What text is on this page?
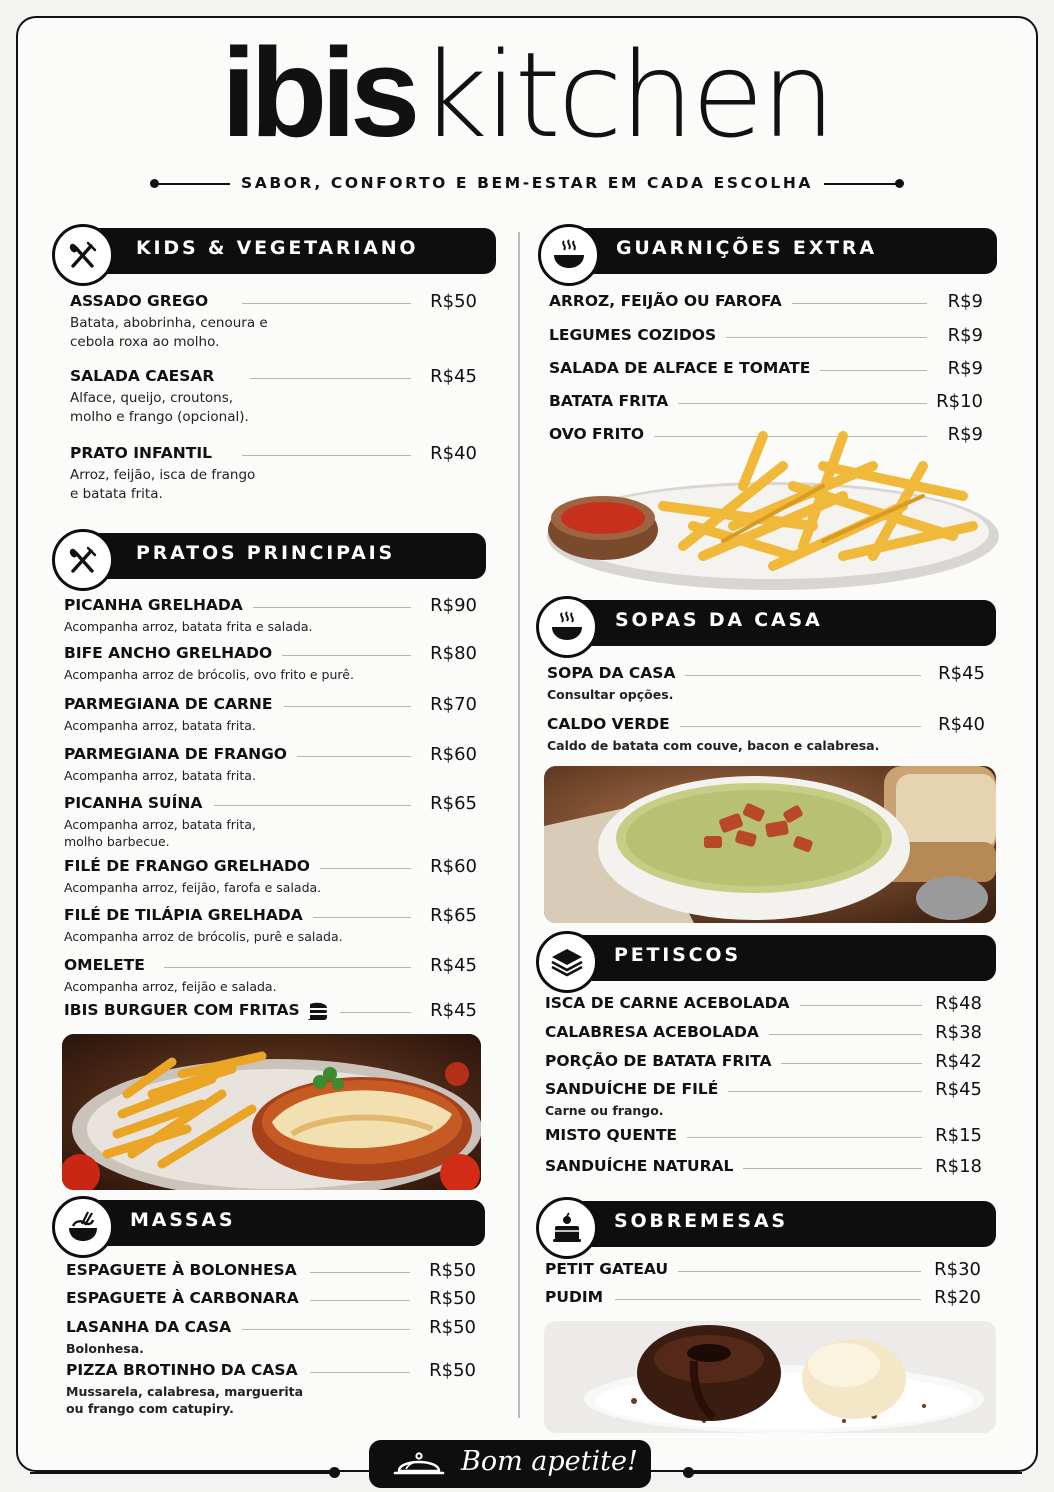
ibis kitchen
SABOR, CONFORTO E BEM-ESTAR EM CADA ESCOLHA
KIDS & VEGETARIANO
ASSADO GREGO	R$50
Batata, abobrinha, cenoura e
cebola roxa ao molho.
SALADA CAESAR	R$45
Alface, queijo, croutons,
molho e frango (opcional).
PRATO INFANTIL	R$40
Arroz, feijão, isca de frango
e batata frita.
PRATOS PRINCIPAIS
PICANHA GRELHADA	R$90
Acompanha arroz, batata frita e salada.
BIFE ANCHO GRELHADO	R$80
Acompanha arroz de brócolis, ovo frito e purê.
PARMEGIANA DE CARNE	R$70
Acompanha arroz, batata frita.
PARMEGIANA DE FRANGO	R$60
Acompanha arroz, batata frita.
PICANHA SUÍNA	R$65
Acompanha arroz, batata frita,
molho barbecue.
FILÉ DE FRANGO GRELHADO	R$60
Acompanha arroz, feijão, farofa e salada.
FILÉ DE TILÁPIA GRELHADA	R$65
Acompanha arroz de brócolis, purê e salada.
OMELETE	R$45
Acompanha arroz, feijão e salada.
IBIS BURGUER COM FRITAS	R$45
MASSAS
ESPAGUETE À BOLONHESA	R$50
ESPAGUETE À CARBONARA	R$50
LASANHA DA CASA	R$50
Bolonhesa.
PIZZA BROTINHO DA CASA	R$50
Mussarela, calabresa, marguerita
ou frango com catupiry.
GUARNIÇÕES EXTRA
ARROZ, FEIJÃO OU FAROFA	R$9
LEGUMES COZIDOS	R$9
SALADA DE ALFACE E TOMATE	R$9
BATATA FRITA	R$10
OVO FRITO	R$9
SOPAS DA CASA
SOPA DA CASA	R$45
Consultar opções.
CALDO VERDE	R$40
Caldo de batata com couve, bacon e calabresa.
PETISCOS
ISCA DE CARNE ACEBOLADA	R$48
CALABRESA ACEBOLADA	R$38
PORÇÃO DE BATATA FRITA	R$42
SANDUÍCHE DE FILÉ	R$45
Carne ou frango.
MISTO QUENTE	R$15
SANDUÍCHE NATURAL	R$18
SOBREMESAS
PETIT GATEAU	R$30
PUDIM	R$20
Bom apetite!
